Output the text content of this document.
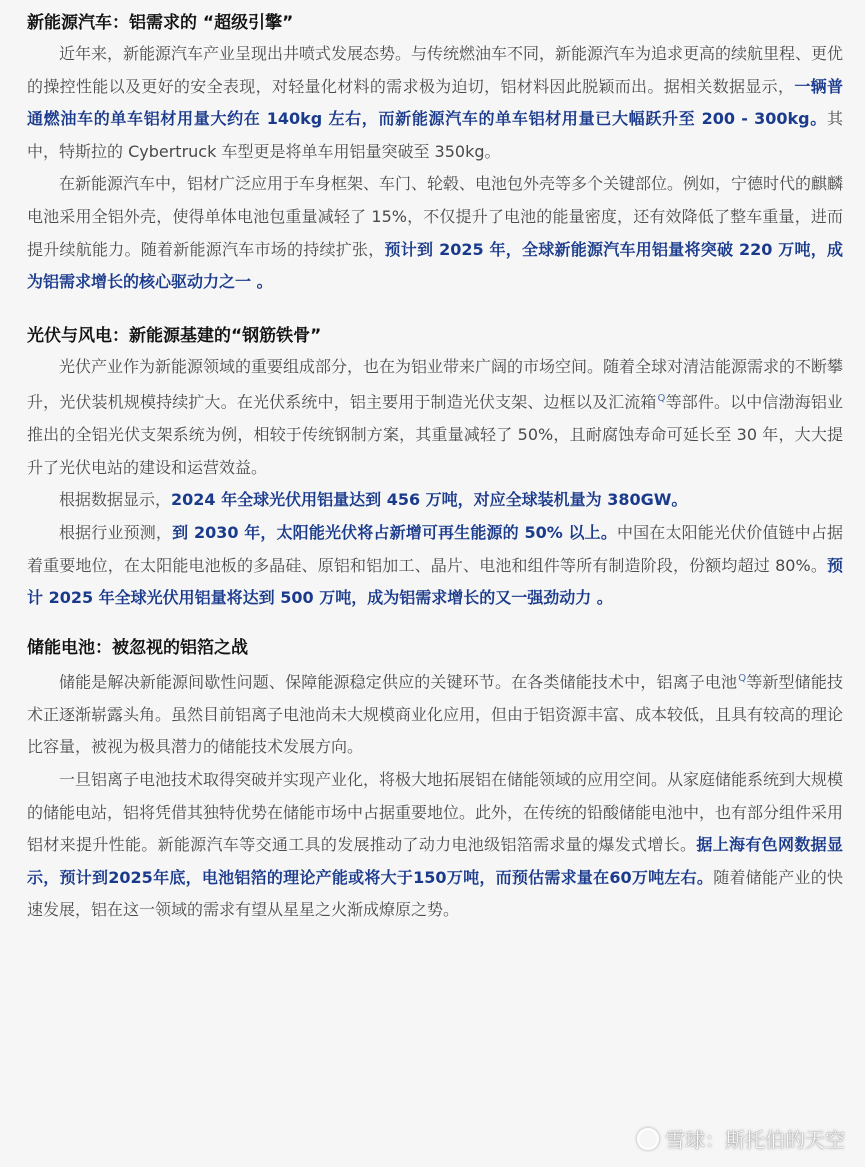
新能源汽车：铝需求的 “超级引擎”

近年来，新能源汽车产业呈现出井喷式发展态势。与传统燃油车不同，新能源汽车为追求更高的续航里程、更优的操控性能以及更好的安全表现，对轻量化材料的需求极为迫切，铝材料因此脱颖而出。据相关数据显示，一辆普通燃油车的单车铝材用量大约在 140kg 左右，而新能源汽车的单车铝材用量已大幅跃升至 200 - 300kg。其中，特斯拉的 Cybertruck 车型更是将单车用铝量突破至 350kg。

在新能源汽车中，铝材广泛应用于车身框架、车门、轮毂、电池包外壳等多个关键部位。例如，宁德时代的麒麟电池采用全铝外壳，使得单体电池包重量减轻了 15%，不仅提升了电池的能量密度，还有效降低了整车重量，进而提升续航能力。随着新能源汽车市场的持续扩张，预计到 2025 年，全球新能源汽车用铝量将突破 220 万吨，成为铝需求增长的核心驱动力之一 。

光伏与风电：新能源基建的“钢筋铁骨”

光伏产业作为新能源领域的重要组成部分，也在为铝业带来广阔的市场空间。随着全球对清洁能源需求的不断攀升，光伏装机规模持续扩大。在光伏系统中，铝主要用于制造光伏支架、边框以及汇流箱$^Q$等部件。以中信渤海铝业推出的全铝光伏支架系统为例，相较于传统钢制方案，其重量减轻了 50%，且耐腐蚀寿命可延长至 30 年，大大提升了光伏电站的建设和运营效益。

根据数据显示，2024 年全球光伏用铝量达到 456 万吨，对应全球装机量为 380GW。

根据行业预测，到 2030 年，太阳能光伏将占新增可再生能源的 50% 以上。中国在太阳能光伏价值链中占据着重要地位，在太阳能电池板的多晶硅、原铝和铝加工、晶片、电池和组件等所有制造阶段，份额均超过 80%。预计 2025 年全球光伏用铝量将达到 500 万吨，成为铝需求增长的又一强劲动力 。

储能电池：被忽视的铝箔之战

储能是解决新能源间歇性问题、保障能源稳定供应的关键环节。在各类储能技术中，铝离子电池$^Q$等新型储能技术正逐渐崭露头角。虽然目前铝离子电池尚未大规模商业化应用，但由于铝资源丰富、成本较低，且具有较高的理论比容量，被视为极具潜力的储能技术发展方向。

一旦铝离子电池技术取得突破并实现产业化，将极大地拓展铝在储能领域的应用空间。从家庭储能系统到大规模的储能电站，铝将凭借其独特优势在储能市场中占据重要地位。此外，在传统的铅酸储能电池中，也有部分组件采用铝材来提升性能。新能源汽车等交通工具的发展推动了动力电池级铝箔需求量的爆发式增长。据上海有色网数据显示，预计到2025年底，电池铝箔的理论产能或将大于150万吨，而预估需求量在60万吨左右。随着储能产业的快速发展，铝在这一领域的需求有望从星星之火渐成燎原之势。

雪球：斯托伯的天空
